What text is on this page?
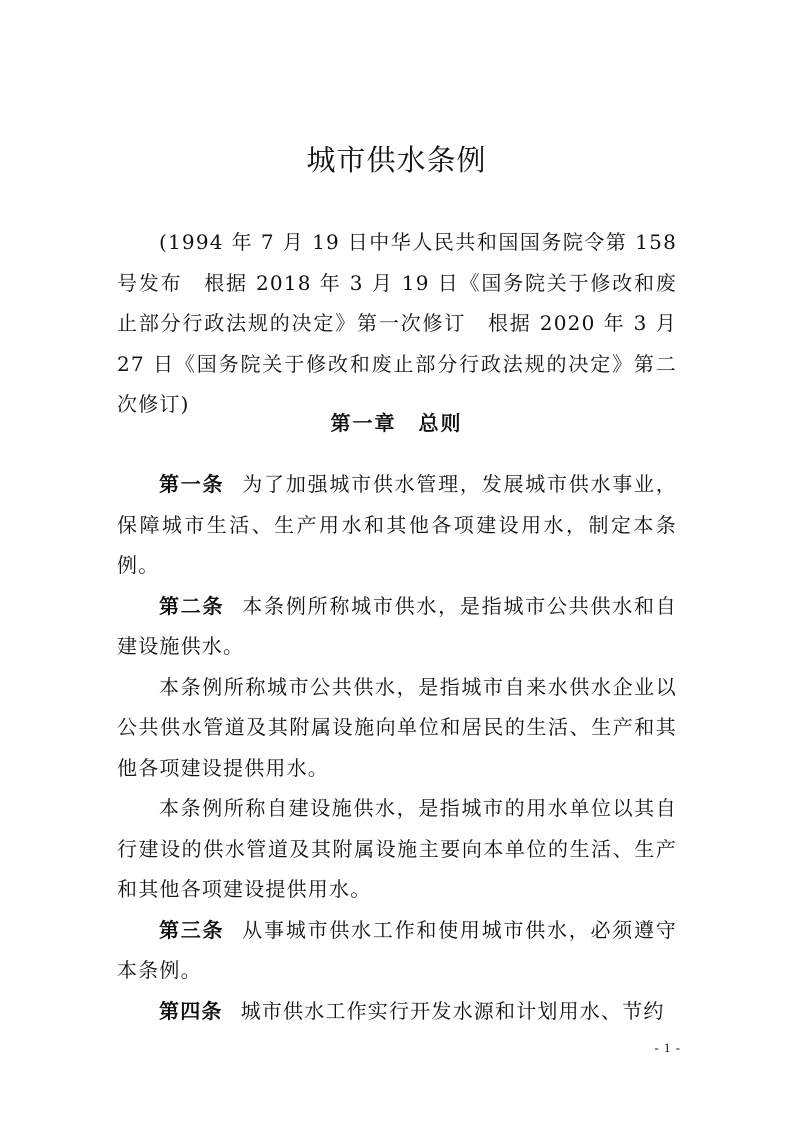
城市供水条例

(1994 年 7 月 19 日中华人民共和国国务院令第 158 号发布　根据 2018 年 3 月 19 日《国务院关于修改和废止部分行政法规的决定》第一次修订　根据 2020 年 3 月 27 日《国务院关于修改和废止部分行政法规的决定》第二次修订)

第一章 总则

第一条 为了加强城市供水管理，发展城市供水事业，保障城市生活、生产用水和其他各项建设用水，制定本条例。

第二条 本条例所称城市供水，是指城市公共供水和自建设施供水。

本条例所称城市公共供水，是指城市自来水供水企业以公共供水管道及其附属设施向单位和居民的生活、生产和其他各项建设提供用水。

本条例所称自建设施供水，是指城市的用水单位以其自行建设的供水管道及其附属设施主要向本单位的生活、生产和其他各项建设提供用水。

第三条 从事城市供水工作和使用城市供水，必须遵守本条例。

第四条 城市供水工作实行开发水源和计划用水、节约

- 1 -
